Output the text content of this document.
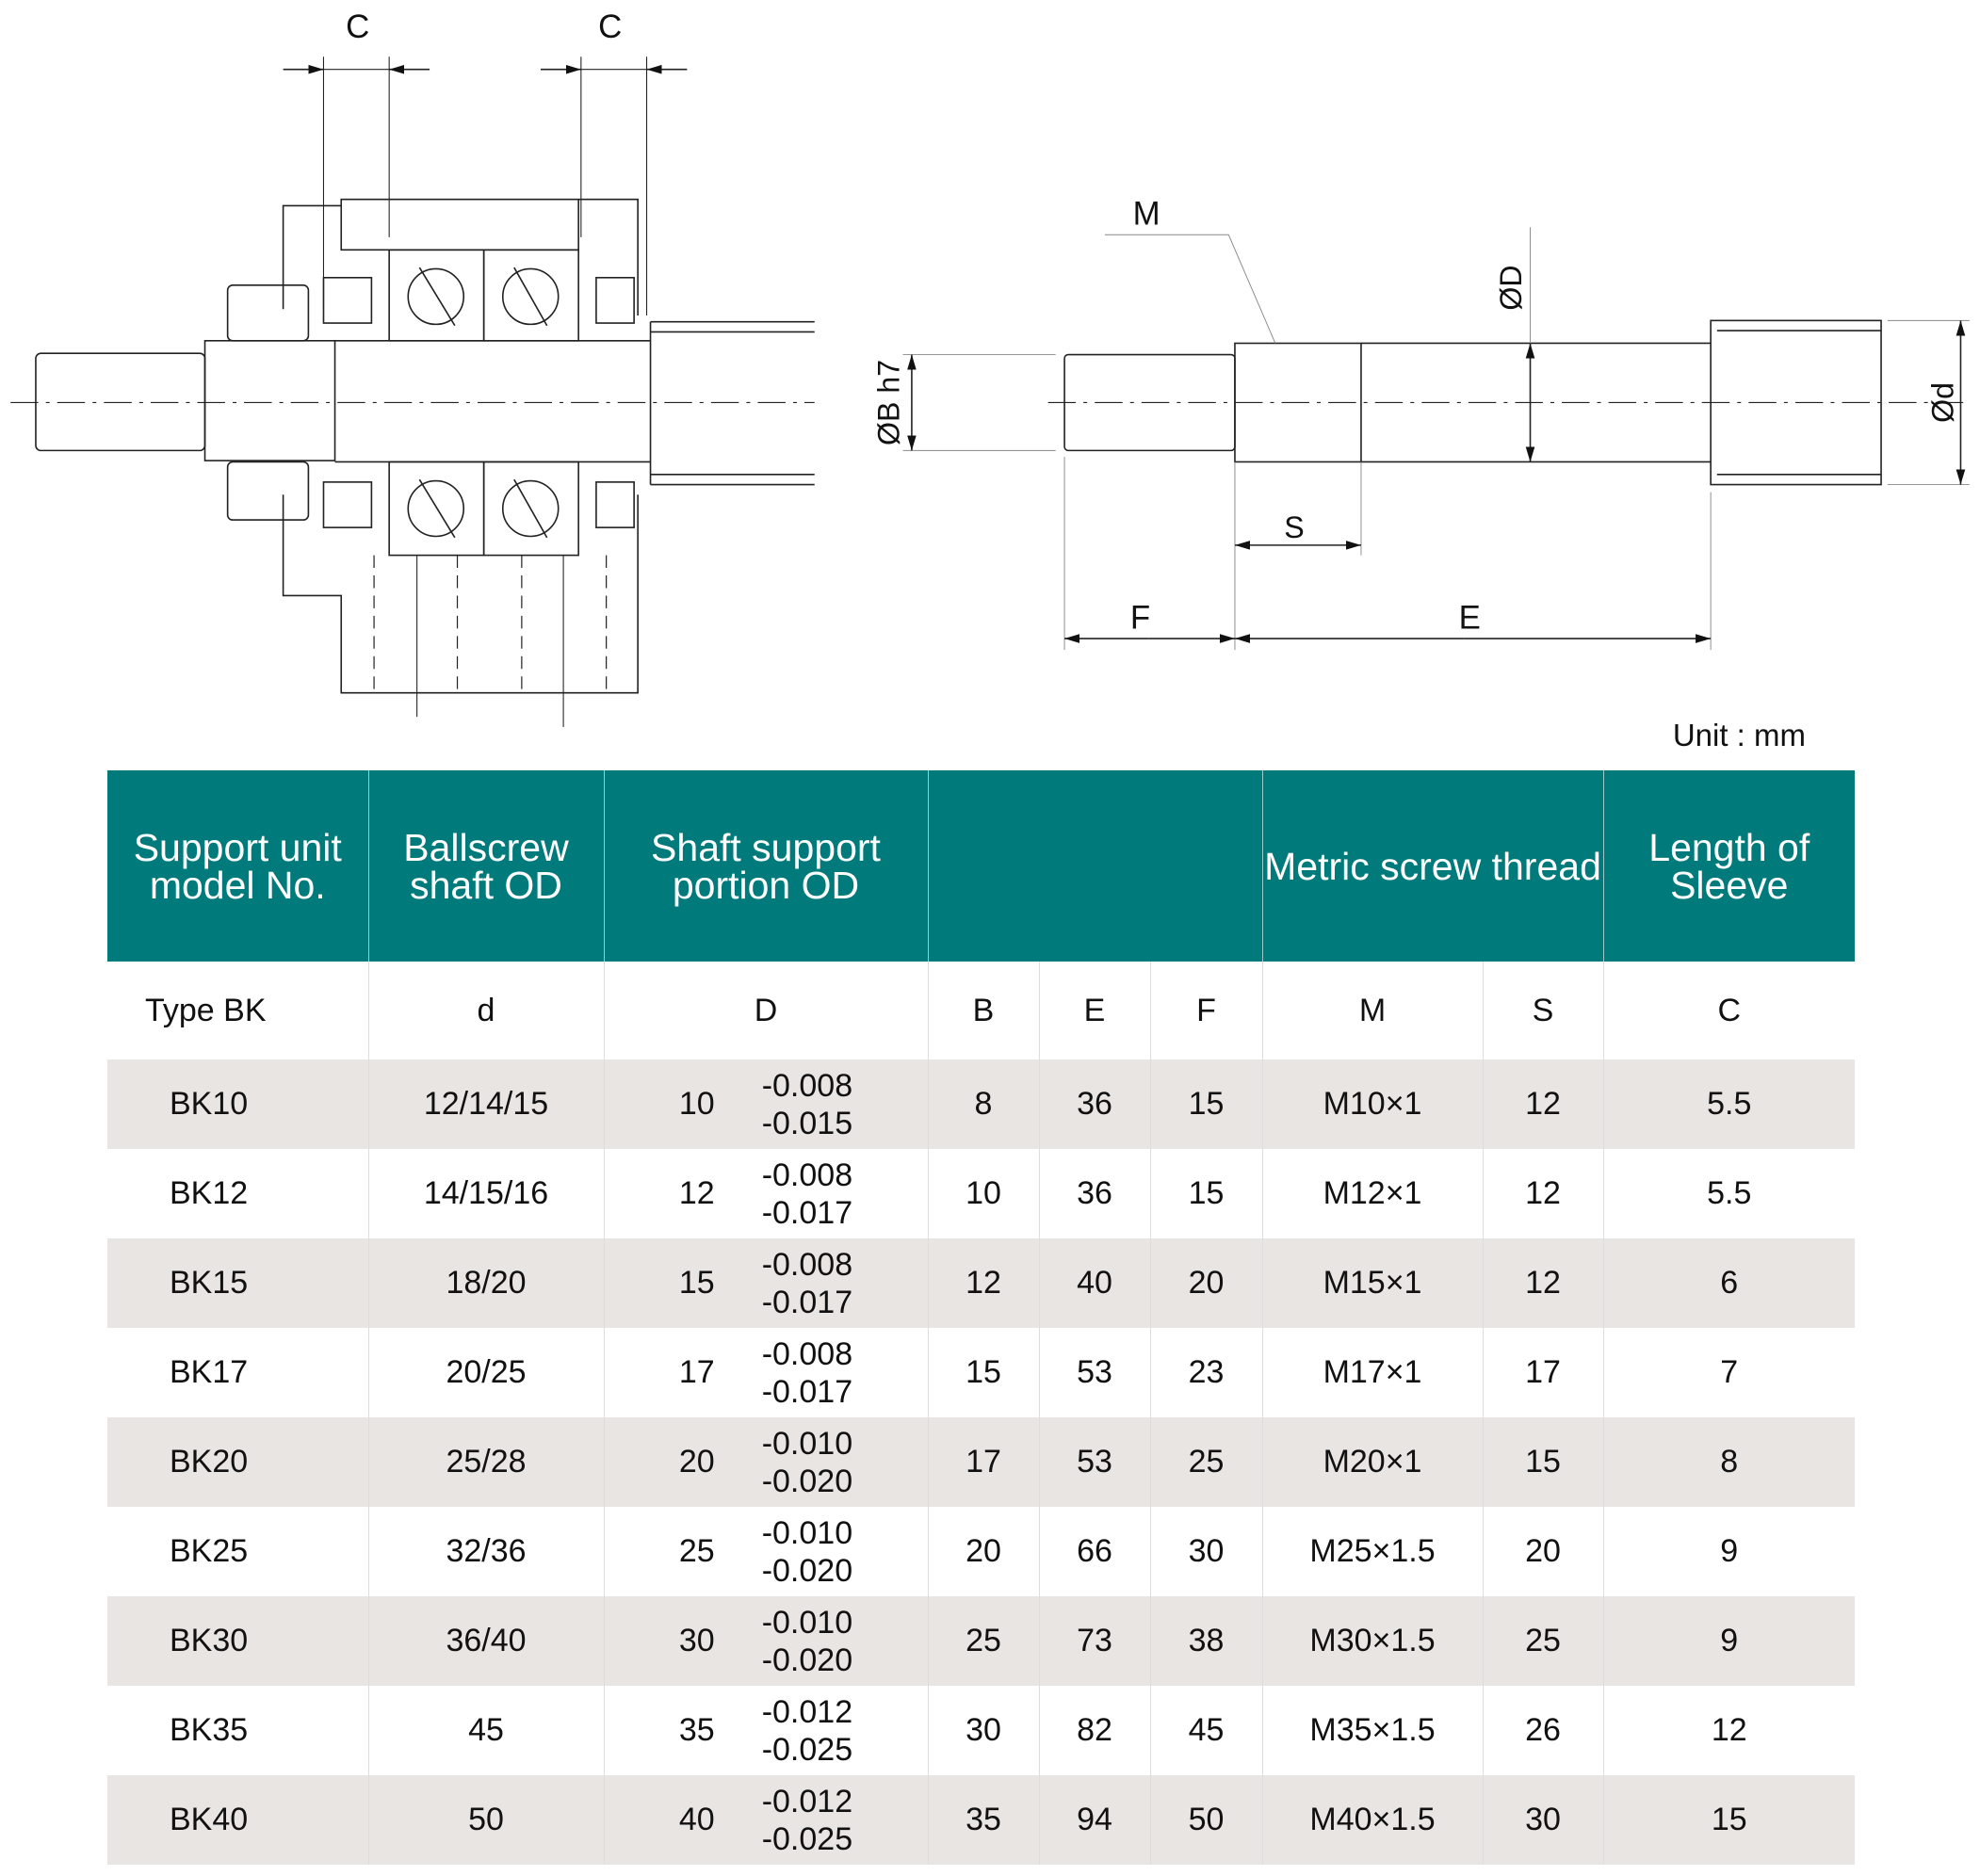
C	C
M
ØD
ØB h7	Ød
S
F	E
Unit : mm
Support unit model No.	Ballscrew shaft OD	Shaft support portion OD				Metric screw thread		Length of Sleeve
Type BK	d	D	B	E	F	M	S	C
BK10	12/14/15	10
-0.008
-0.015	8	36	15	M10×1	12	5.5
BK12	14/15/16	12
-0.008
-0.017	10	36	15	M12×1	12	5.5
BK15	18/20	15
-0.008
-0.017	12	40	20	M15×1	12	6
BK17	20/25	17
-0.008
-0.017	15	53	23	M17×1	17	7
BK20	25/28	20
-0.010
-0.020	17	53	25	M20×1	15	8
BK25	32/36	25
-0.010
-0.020	20	66	30	M25×1.5	20	9
BK30	36/40	30
-0.010
-0.020	25	73	38	M30×1.5	25	9
BK35	45	35
-0.012
-0.025	30	82	45	M35×1.5	26	12
BK40	50	40
-0.012
-0.025	35	94	50	M40×1.5	30	15
